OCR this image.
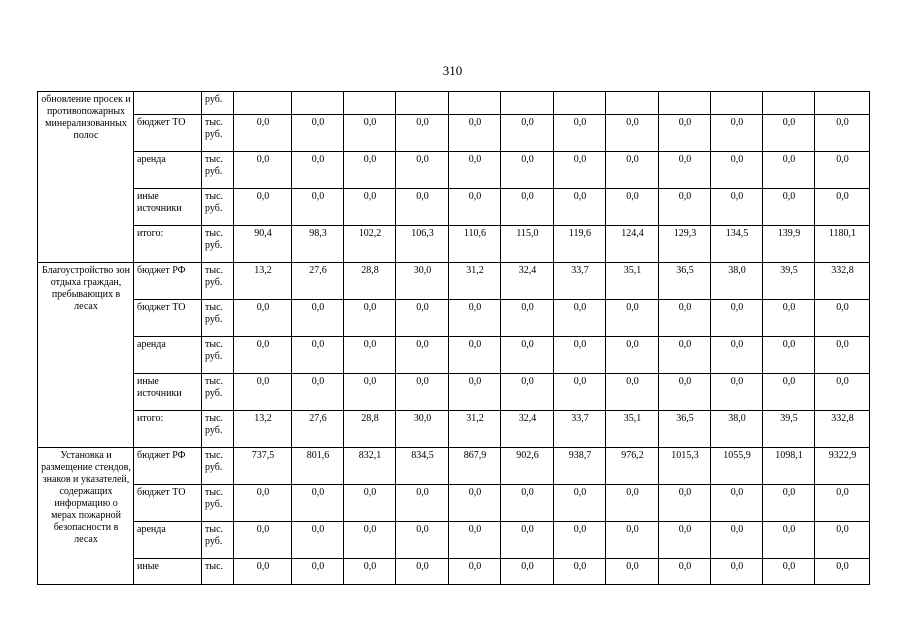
310
обновление просек и противопожарных минерализованных полос		руб.												
	бюджет ТО	тыс. руб.	0,0	0,0	0,0	0,0	0,0	0,0	0,0	0,0	0,0	0,0	0,0	0,0
	аренда	тыс. руб.	0,0	0,0	0,0	0,0	0,0	0,0	0,0	0,0	0,0	0,0	0,0	0,0
	иные источники	тыс. руб.	0,0	0,0	0,0	0,0	0,0	0,0	0,0	0,0	0,0	0,0	0,0	0,0
	итого:	тыс. руб.	90,4	98,3	102,2	106,3	110,6	115,0	119,6	124,4	129,3	134,5	139,9	1180,1
Благоустройство зон отдыха граждан, пребывающих в лесах	бюджет РФ	тыс. руб.	13,2	27,6	28,8	30,0	31,2	32,4	33,7	35,1	36,5	38,0	39,5	332,8
	бюджет ТО	тыс. руб.	0,0	0,0	0,0	0,0	0,0	0,0	0,0	0,0	0,0	0,0	0,0	0,0
	аренда	тыс. руб.	0,0	0,0	0,0	0,0	0,0	0,0	0,0	0,0	0,0	0,0	0,0	0,0
	иные источники	тыс. руб.	0,0	0,0	0,0	0,0	0,0	0,0	0,0	0,0	0,0	0,0	0,0	0,0
	итого:	тыс. руб.	13,2	27,6	28,8	30,0	31,2	32,4	33,7	35,1	36,5	38,0	39,5	332,8
Установка и размещение стендов, знаков и указателей, содержащих информацию о мерах пожарной безопасности в лесах	бюджет РФ	тыс. руб.	737,5	801,6	832,1	834,5	867,9	902,6	938,7	976,2	1015,3	1055,9	1098,1	9322,9
	бюджет ТО	тыс. руб.	0,0	0,0	0,0	0,0	0,0	0,0	0,0	0,0	0,0	0,0	0,0	0,0
	аренда	тыс. руб.	0,0	0,0	0,0	0,0	0,0	0,0	0,0	0,0	0,0	0,0	0,0	0,0
	иные	тыс.	0,0	0,0	0,0	0,0	0,0	0,0	0,0	0,0	0,0	0,0	0,0	0,0
